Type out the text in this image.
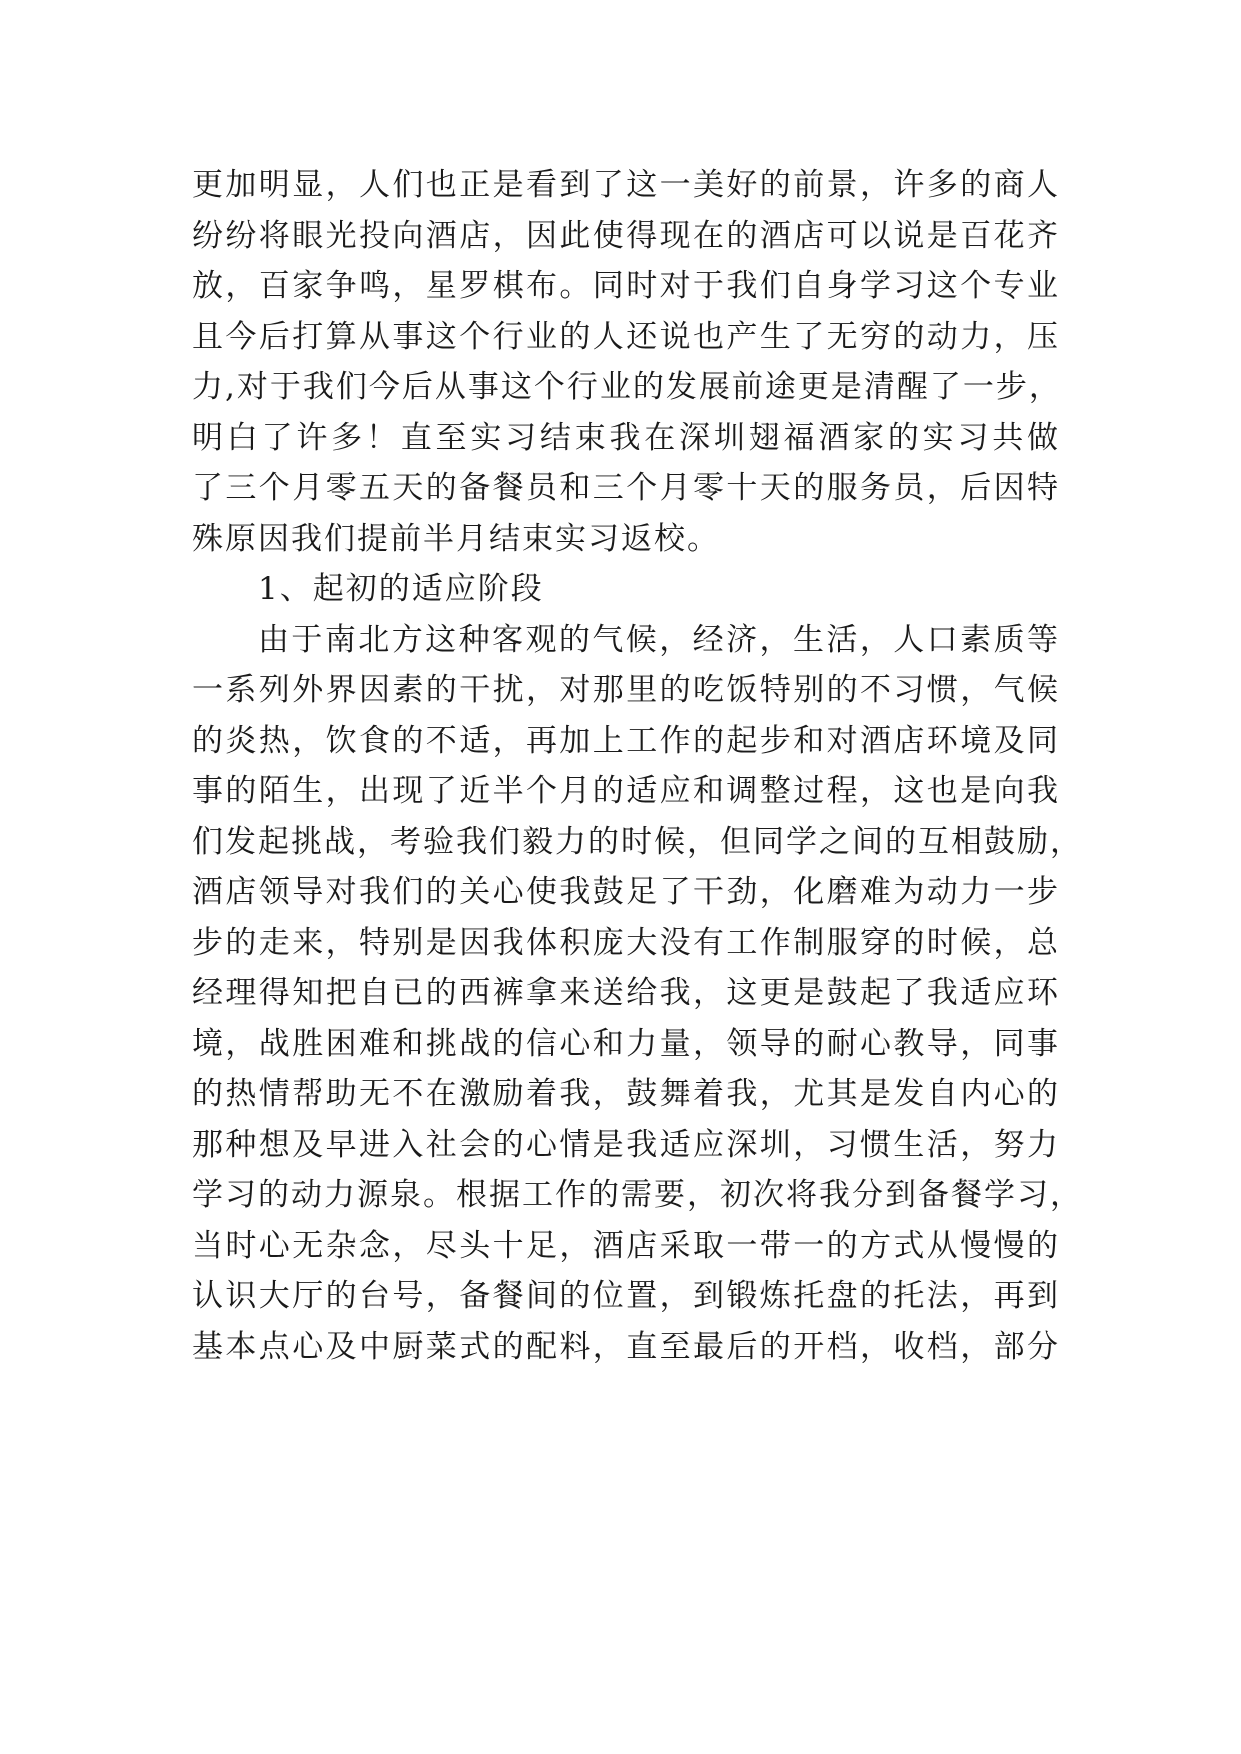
更加明显，人们也正是看到了这一美好的前景，许多的商人
纷纷将眼光投向酒店，因此使得现在的酒店可以说是百花齐
放，百家争鸣，星罗棋布。同时对于我们自身学习这个专业
且今后打算从事这个行业的人还说也产生了无穷的动力，压
力,对于我们今后从事这个行业的发展前途更是清醒了一步，
明白了许多！直至实习结束我在深圳翅福酒家的实习共做
了三个月零五天的备餐员和三个月零十天的服务员，后因特
殊原因我们提前半月结束实习返校。
1、起初的适应阶段
由于南北方这种客观的气候，经济，生活，人口素质等
一系列外界因素的干扰，对那里的吃饭特别的不习惯，气候
的炎热，饮食的不适，再加上工作的起步和对酒店环境及同
事的陌生，出现了近半个月的适应和调整过程，这也是向我
们发起挑战，考验我们毅力的时候，但同学之间的互相鼓励，
酒店领导对我们的关心使我鼓足了干劲，化磨难为动力一步
步的走来，特别是因我体积庞大没有工作制服穿的时候，总
经理得知把自已的西裤拿来送给我，这更是鼓起了我适应环
境，战胜困难和挑战的信心和力量，领导的耐心教导，同事
的热情帮助无不在激励着我，鼓舞着我，尤其是发自内心的
那种想及早进入社会的心情是我适应深圳，习惯生活，努力
学习的动力源泉。根据工作的需要，初次将我分到备餐学习，
当时心无杂念，尽头十足，酒店采取一带一的方式从慢慢的
认识大厅的台号，备餐间的位置，到锻炼托盘的托法，再到
基本点心及中厨菜式的配料，直至最后的开档，收档，部分
